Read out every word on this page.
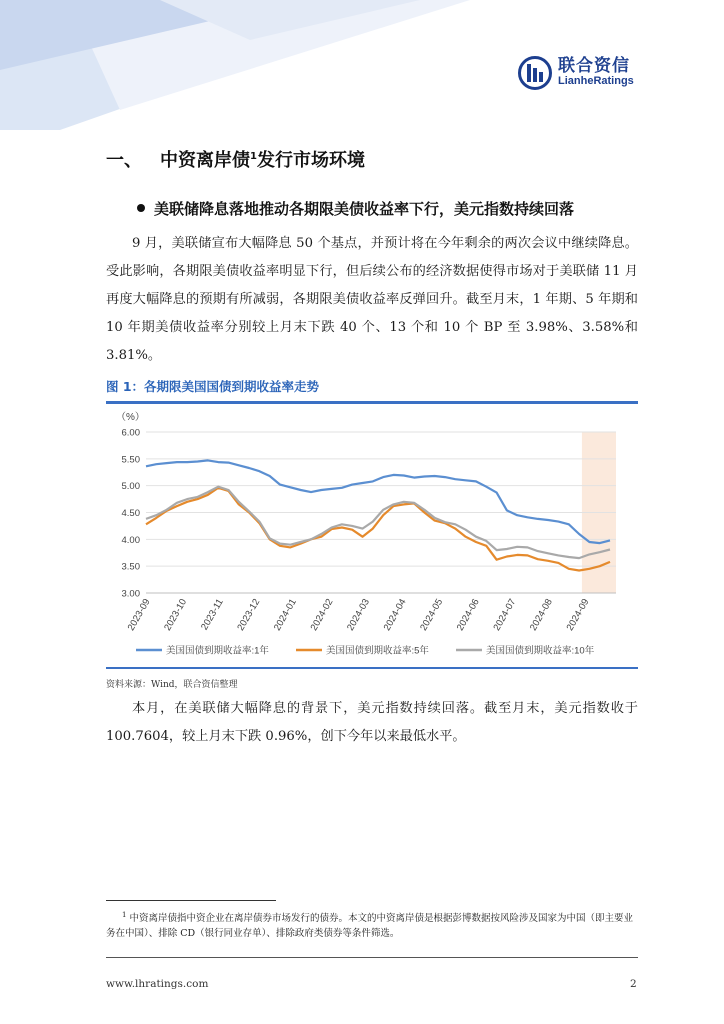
联合资信
LianheRatings
一、 中资离岸债$^1$发行市场环境
美联储降息落地推动各期限美债收益率下行，美元指数持续回落
9 月，美联储宣布大幅降息 50 个基点，并预计将在今年剩余的两次会议中继续降息。受此影响，各期限美债收益率明显下行，但后续公布的经济数据使得市场对于美联储 11 月再度大幅降息的预期有所减弱，各期限美债收益率反弹回升。截至月末，1 年期、5 年期和 10 年期美债收益率分别较上月末下跌 40 个、13 个和 10 个 BP 至 3.98%、3.58%和 3.81%。
图 1：各期限美国国债到期收益率走势
（%）
6.00
5.50
5.00
4.50
4.00
3.50
3.00
2023-09 2023-10 2023-11 2023-12 2024-01 2024-02 2024-03 2024-04 2024-05 2024-06 2024-07 2024-08 2024-09
美国国债到期收益率:1年	美国国债到期收益率:5年	美国国债到期收益率:10年
资料来源：Wind，联合资信整理
本月，在美联储大幅降息的背景下，美元指数持续回落。截至月末，美元指数收于 100.7604，较上月末下跌 0.96%，创下今年以来最低水平。
$^1$ 中资离岸债指中资企业在离岸债券市场发行的债券。本文的中资离岸债是根据彭博数据按风险涉及国家为中国（即主要业务在中国）、排除 CD（银行同业存单）、排除政府类债券等条件筛选。
www.lhratings.com	2
